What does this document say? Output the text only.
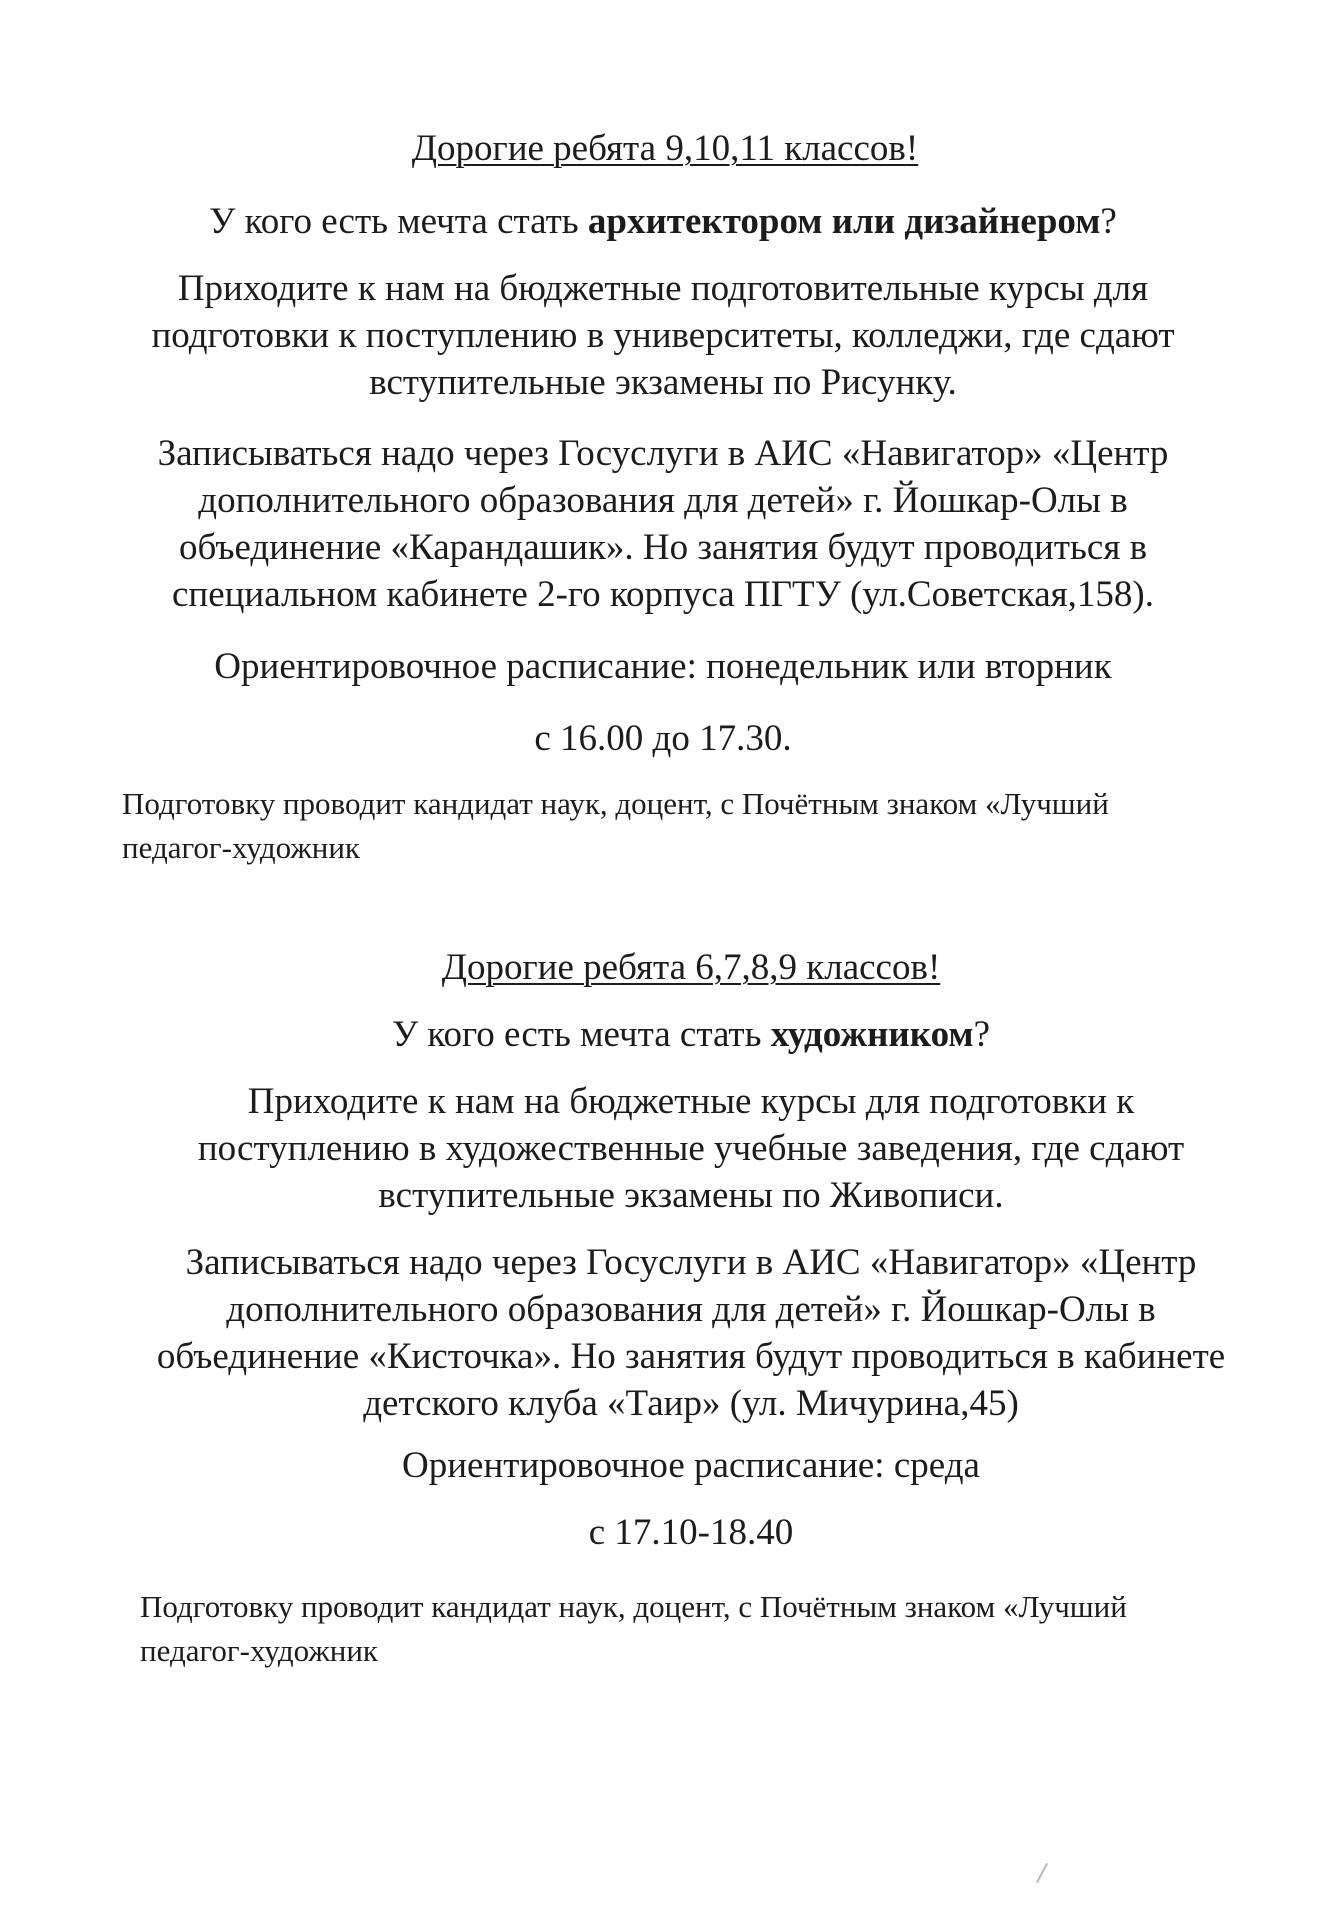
Дорогие ребята 9,10,11 классов!
У кого есть мечта стать архитектором или дизайнером?
Приходите к нам на бюджетные подготовительные курсы для
подготовки к поступлению в университеты, колледжи, где сдают
вступительные экзамены по Рисунку.
Записываться надо через Госуслуги в АИС «Навигатор» «Центр
дополнительного образования для детей» г. Йошкар-Олы в
объединение «Карандашик». Но занятия будут проводиться в
специальном кабинете 2-го корпуса ПГТУ (ул.Советская,158).
Ориентировочное расписание: понедельник или вторник
с 16.00 до 17.30.
Подготовку проводит кандидат наук, доцент, с Почётным знаком «Лучший
педагог-художник
Дорогие ребята 6,7,8,9 классов!
У кого есть мечта стать художником?
Приходите к нам на бюджетные курсы для подготовки к
поступлению в художественные учебные заведения, где сдают
вступительные экзамены по Живописи.
Записываться надо через Госуслуги в АИС «Навигатор» «Центр
дополнительного образования для детей» г. Йошкар-Олы в
объединение «Кисточка». Но занятия будут проводиться в кабинете
детского клуба «Таир» (ул. Мичурина,45)
Ориентировочное расписание: среда
с 17.10-18.40
Подготовку проводит кандидат наук, доцент, с Почётным знаком «Лучший
педагог-художник
